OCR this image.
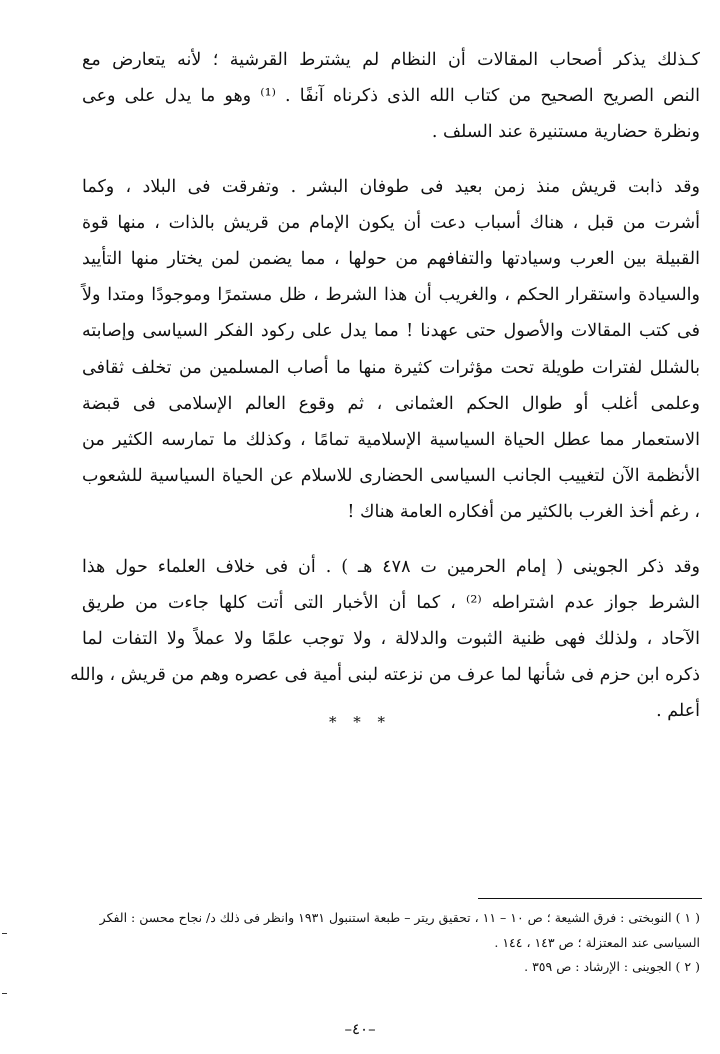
كـذلك يذكر أصحاب المقالات أن النظام لم يشترط القرشية ؛ لأنه يتعارض مع
النص الصريح الصحيح من كتاب الله الذى ذكرناه آنفًا . ⁽¹⁾ وهو ما يدل على وعى
ونظرة حضارية مستنيرة عند السلف .

وقد ذابت قريش منذ زمن بعيد فى طوفان البشر . وتفرقت فى البلاد ، وكما
أشرت من قبل ، هناك أسباب دعت أن يكون الإمام من قريش بالذات ، منها قوة
القبيلة بين العرب وسيادتها والتفافهم من حولها ، مما يضمن لمن يختار منها التأييد
والسيادة واستقرار الحكم ، والغريب أن هذا الشرط ، ظل مستمرًا وموجودًا ومتدا ولاً
فى كتب المقالات والأصول حتى عهدنا ! مما يدل على ركود الفكر السياسى وإصابته
بالشلل لفترات طويلة تحت مؤثرات كثيرة منها ما أصاب المسلمين من تخلف ثقافى
وعلمى أغلب أو طوال الحكم العثمانى ، ثم وقوع العالم الإسلامى فى قبضة
الاستعمار مما عطل الحياة السياسية الإسلامية تمامًا ، وكذلك ما تمارسه الكثير من
الأنظمة الآن لتغييب الجانب السياسى الحضارى للاسلام عن الحياة السياسية للشعوب
، رغم أخذ الغرب بالكثير من أفكاره العامة هناك !

وقد ذكر الجوينى ( إمام الحرمين ت ٤٧٨ هـ ) . أن فى خلاف العلماء حول هذا
الشرط جواز عدم اشتراطه ⁽²⁾ ، كما أن الأخبار التى أتت كلها جاءت من طريق
الآحاد ، ولذلك فهى ظنية الثبوت والدلالة ، ولا توجب علمًا ولا عملاً ولا التفات لما
ذكره ابن حزم فى شأنها لما عرف من نزعته لبنى أمية فى عصره وهم من قريش ، والله
أعلم .

* * *

( ١ ) النوبختى : فرق الشيعة ؛ ص ١٠ – ١١ ، تحقيق ريتر – طبعة استنبول ١٩٣١ وانظر فى ذلك د/ نجاح محسن : الفكر
السياسى عند المعتزلة ؛ ص ١٤٣ ، ١٤٤ .

( ٢ ) الجوينى : الإرشاد : ص ٣٥٩ .

–٤٠–
